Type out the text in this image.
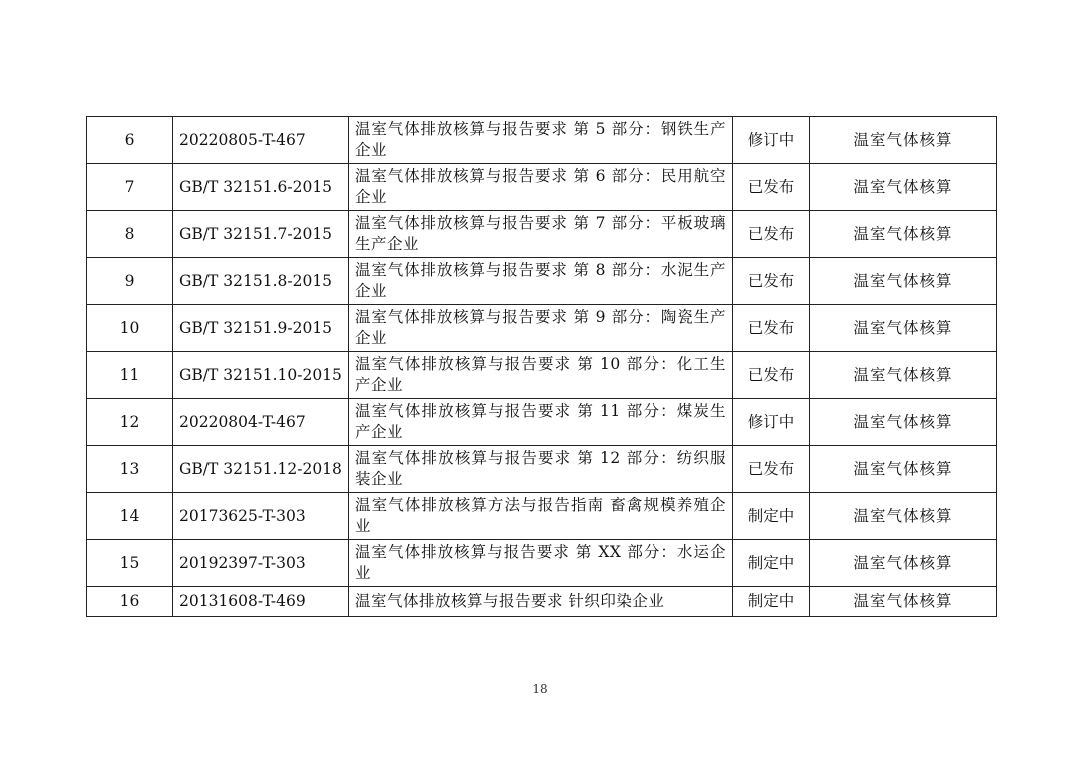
6	20220805-T-467	温室气体排放核算与报告要求 第 5 部分：钢铁生产企业	修订中	温室气体核算
7	GB/T 32151.6-2015	温室气体排放核算与报告要求 第 6 部分：民用航空企业	已发布	温室气体核算
8	GB/T 32151.7-2015	温室气体排放核算与报告要求 第 7 部分：平板玻璃生产企业	已发布	温室气体核算
9	GB/T 32151.8-2015	温室气体排放核算与报告要求 第 8 部分：水泥生产企业	已发布	温室气体核算
10	GB/T 32151.9-2015	温室气体排放核算与报告要求 第 9 部分：陶瓷生产企业	已发布	温室气体核算
11	GB/T 32151.10-2015	温室气体排放核算与报告要求 第 10 部分：化工生产企业	已发布	温室气体核算
12	20220804-T-467	温室气体排放核算与报告要求 第 11 部分：煤炭生产企业	修订中	温室气体核算
13	GB/T 32151.12-2018	温室气体排放核算与报告要求 第 12 部分：纺织服装企业	已发布	温室气体核算
14	20173625-T-303	温室气体排放核算方法与报告指南 畜禽规模养殖企业	制定中	温室气体核算
15	20192397-T-303	温室气体排放核算与报告要求 第 XX 部分：水运企业	制定中	温室气体核算
16	20131608-T-469	温室气体排放核算与报告要求 针织印染企业	制定中	温室气体核算
18
